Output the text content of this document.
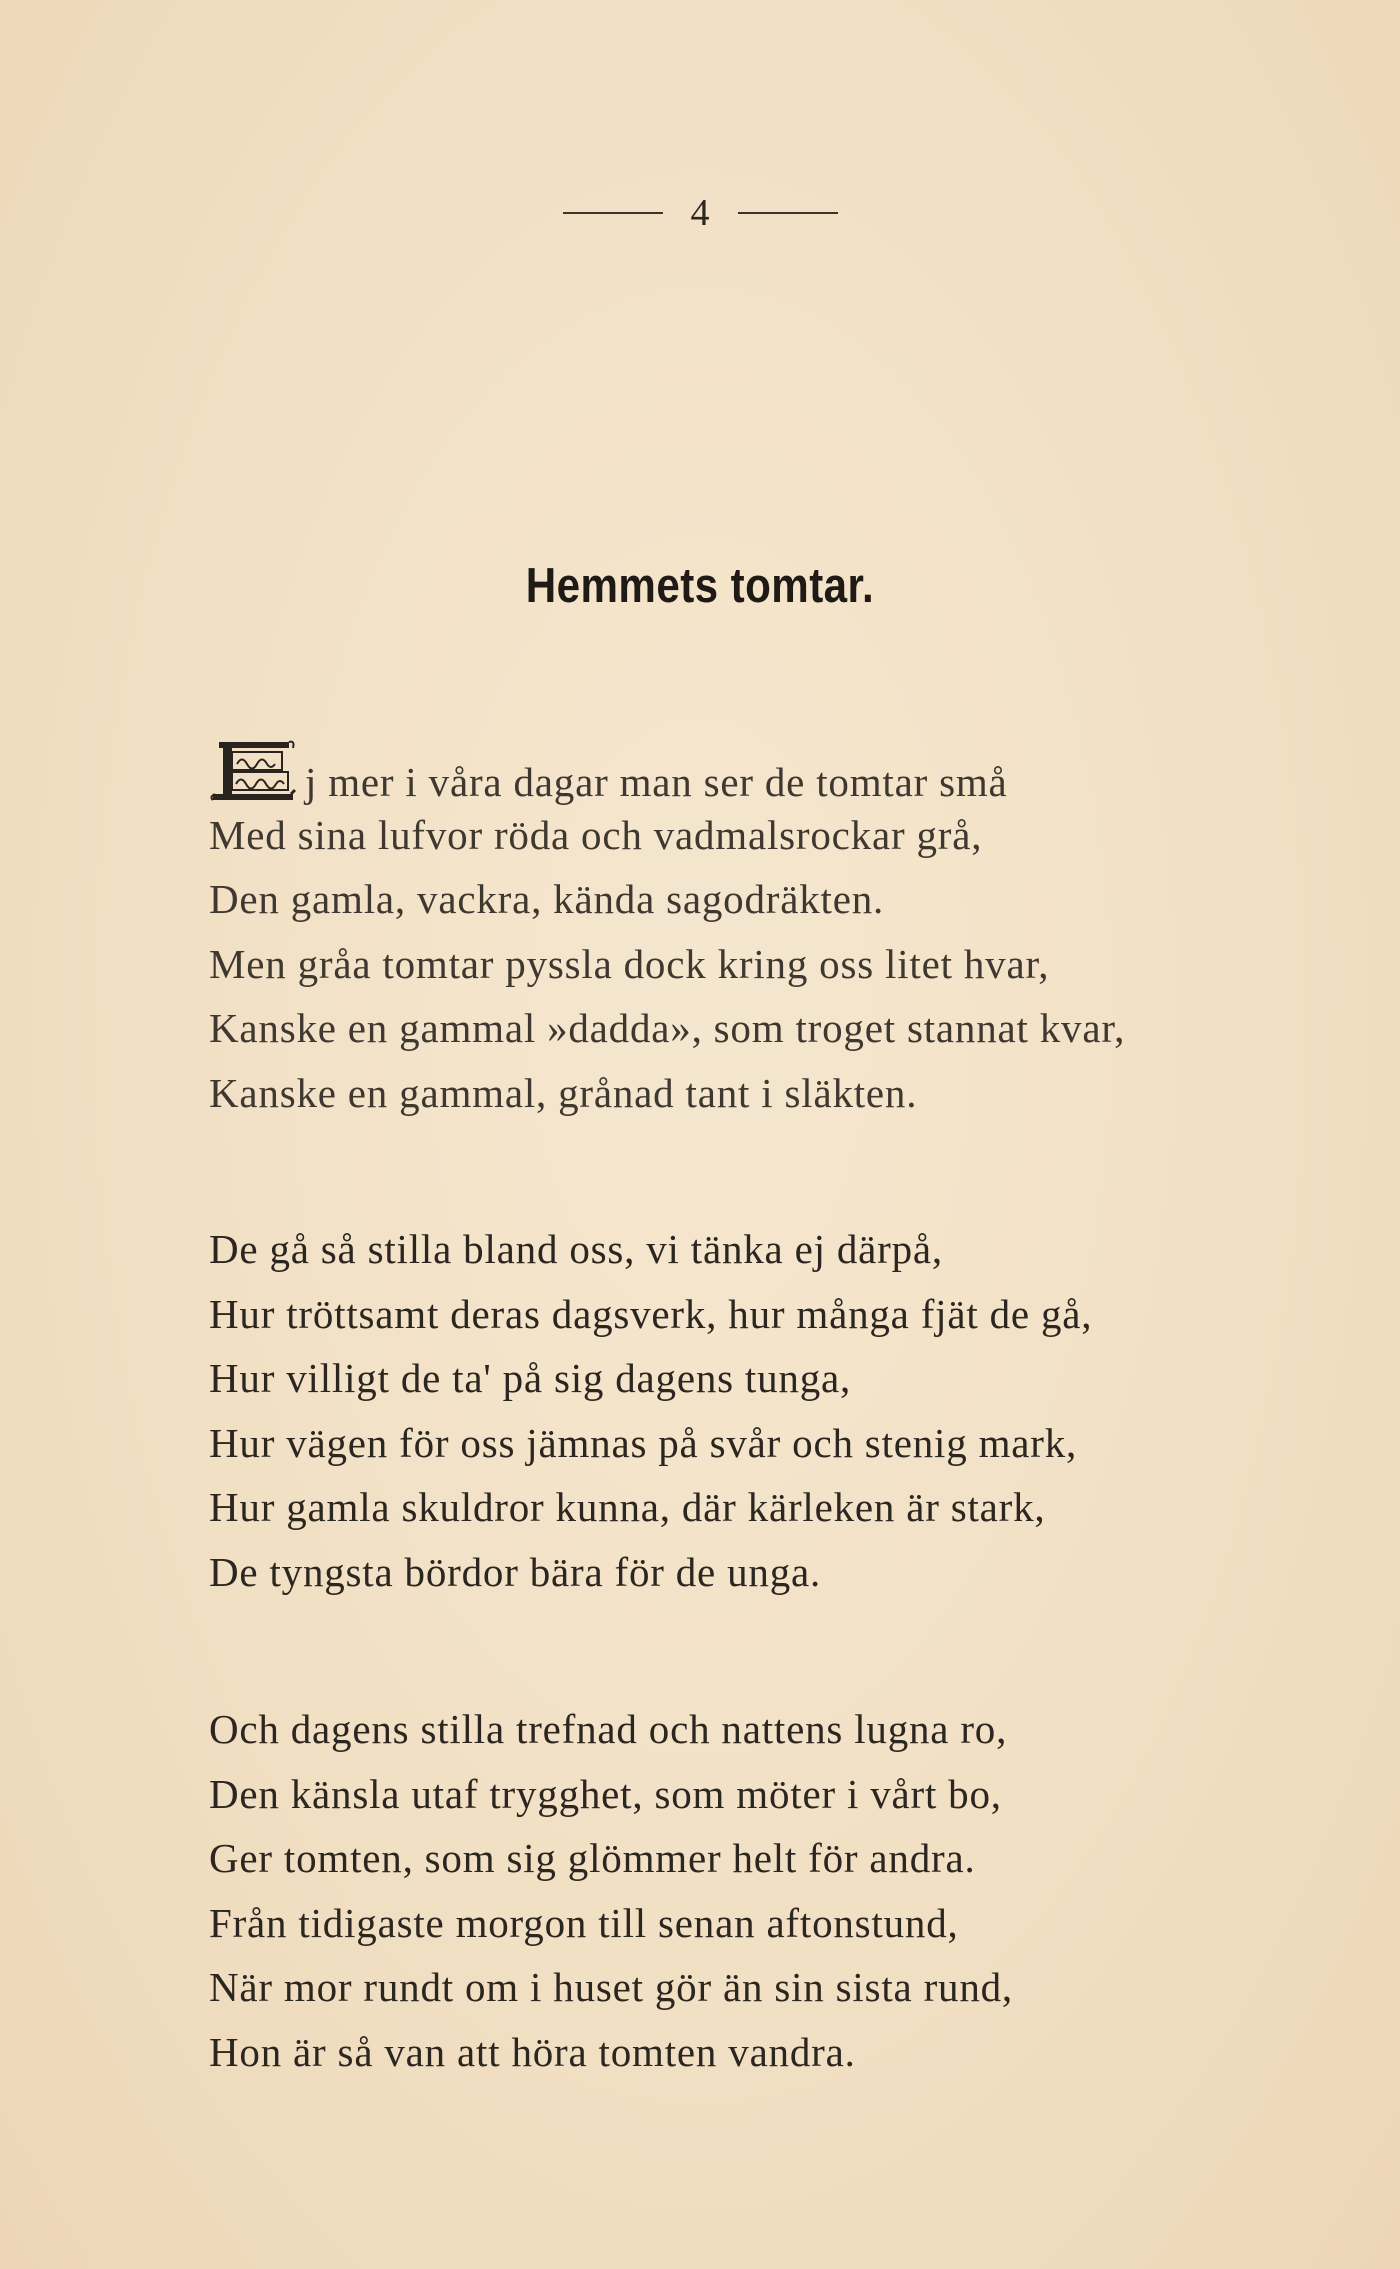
4
Hemmets tomtar.
j mer i våra dagar man ser de tomtar små
Med sina lufvor röda och vadmalsrockar grå,
Den gamla, vackra, kända sagodräkten.
Men gråa tomtar pyssla dock kring oss litet hvar,
Kanske en gammal »dadda», som troget stannat kvar,
Kanske en gammal, grånad tant i släkten.
De gå så stilla bland oss, vi tänka ej därpå,
Hur tröttsamt deras dagsverk, hur många fjät de gå,
Hur villigt de ta' på sig dagens tunga,
Hur vägen för oss jämnas på svår och stenig mark,
Hur gamla skuldror kunna, där kärleken är stark,
De tyngsta bördor bära för de unga.
Och dagens stilla trefnad och nattens lugna ro,
Den känsla utaf trygghet, som möter i vårt bo,
Ger tomten, som sig glömmer helt för andra.
Från tidigaste morgon till senan aftonstund,
När mor rundt om i huset gör än sin sista rund,
Hon är så van att höra tomten vandra.
